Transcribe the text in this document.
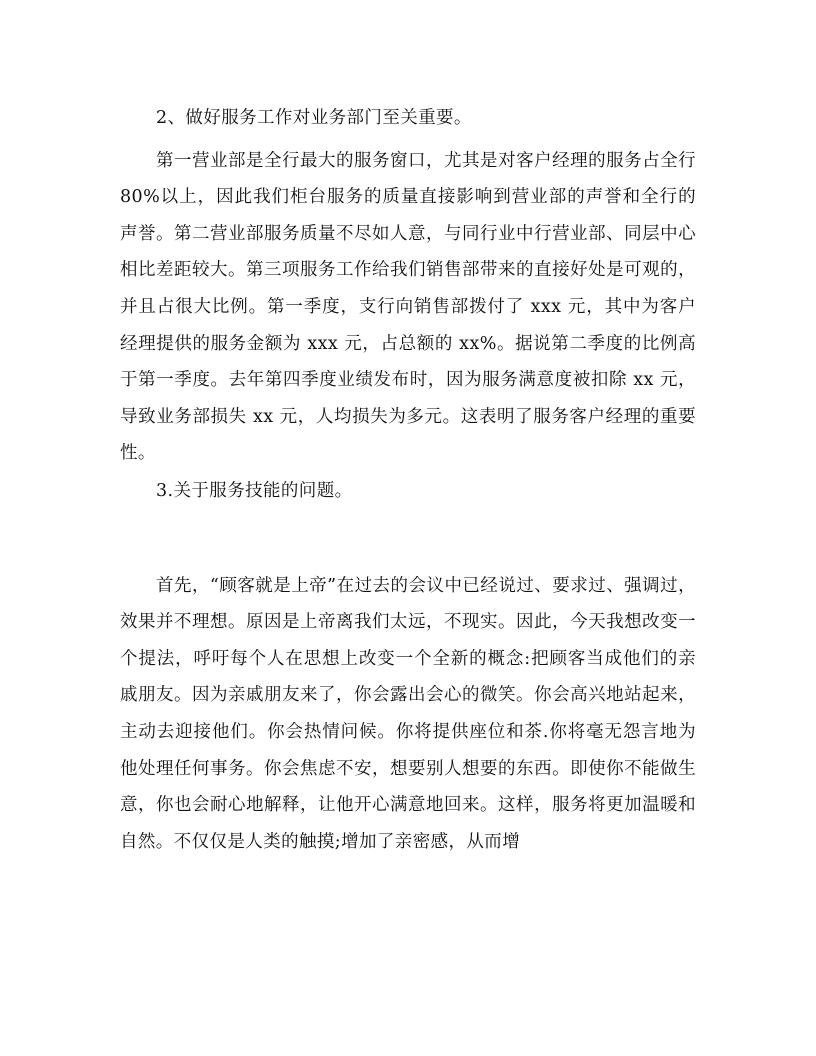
2、做好服务工作对业务部门至关重要。

第一营业部是全行最大的服务窗口，尤其是对客户经理的服务占全行 80%以上，因此我们柜台服务的质量直接影响到营业部的声誉和全行的声誉。第二营业部服务质量不尽如人意，与同行业中行营业部、同层中心相比差距较大。第三项服务工作给我们销售部带来的直接好处是可观的，并且占很大比例。第一季度，支行向销售部拨付了 xxx 元，其中为客户经理提供的服务金额为 xxx 元，占总额的 xx%。据说第二季度的比例高于第一季度。去年第四季度业绩发布时，因为服务满意度被扣除 xx 元，导致业务部损失 xx 元，人均损失为多元。这表明了服务客户经理的重要性。

3.关于服务技能的问题。

首先，“顾客就是上帝”在过去的会议中已经说过、要求过、强调过，效果并不理想。原因是上帝离我们太远，不现实。因此，今天我想改变一个提法，呼吁每个人在思想上改变一个全新的概念:把顾客当成他们的亲戚朋友。因为亲戚朋友来了，你会露出会心的微笑。你会高兴地站起来，主动去迎接他们。你会热情问候。你将提供座位和茶.你将毫无怨言地为他处理任何事务。你会焦虑不安，想要别人想要的东西。即使你不能做生意，你也会耐心地解释，让他开心满意地回来。这样，服务将更加温暖和自然。不仅仅是人类的触摸;增加了亲密感，从而增
